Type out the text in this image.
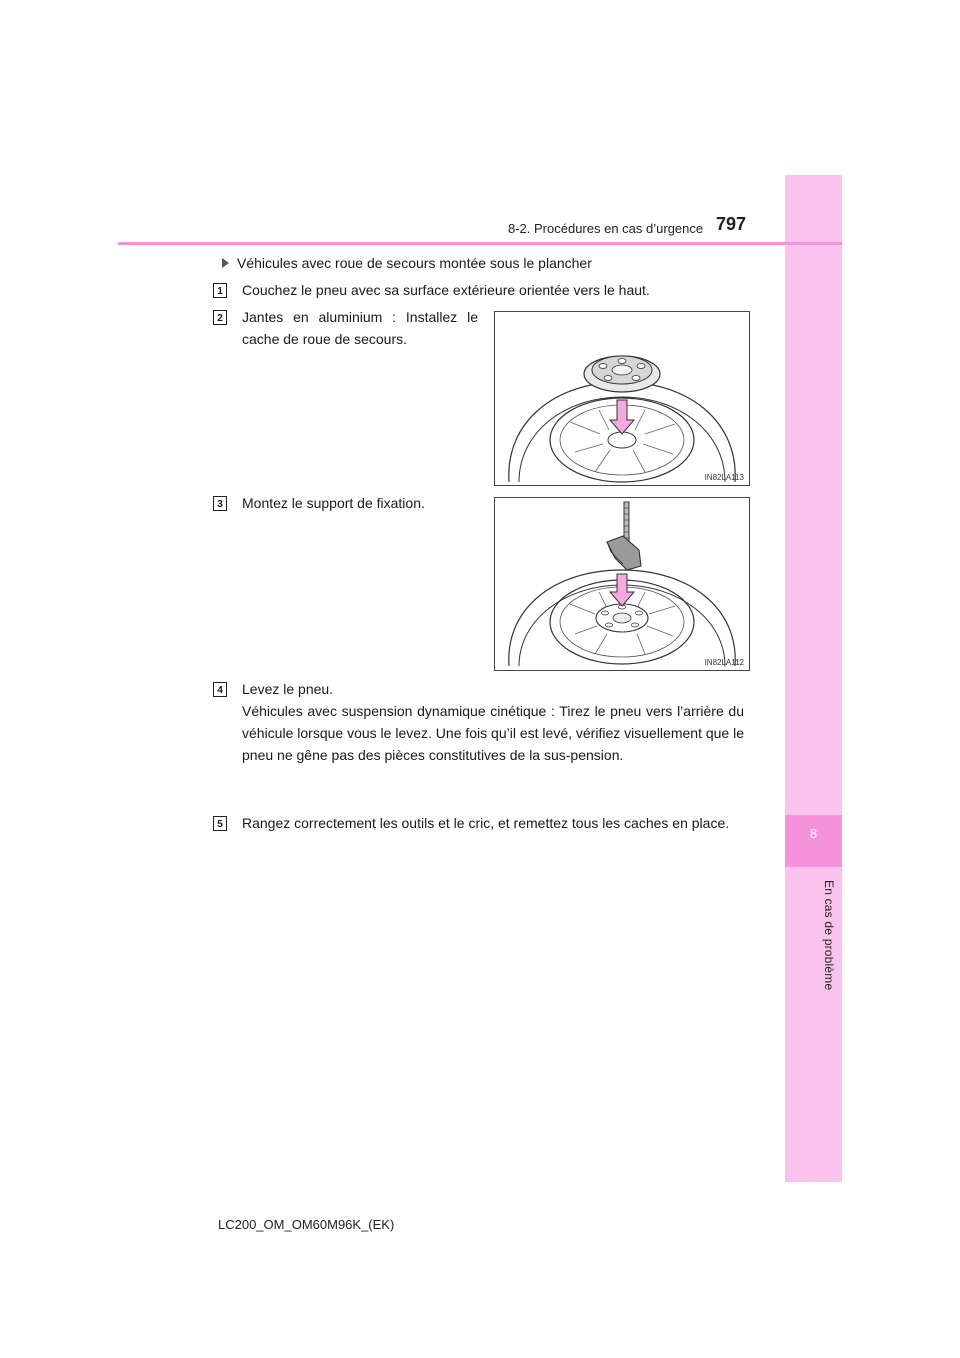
8
En cas de problème
8-2. Procédures en cas d’urgence 797
Véhicules avec roue de secours montée sous le plancher
1	Couchez le pneu avec sa surface extérieure orientée vers le haut.
2	Jantes en aluminium : Installez le cache de roue de secours.
IN82LA113
3	Montez le support de fixation.
IN82LA112
4	Levez le pneu.
Véhicules avec suspension dynamique cinétique : Tirez le pneu vers l’arrière du véhicule lorsque vous le levez. Une fois qu’il est levé, vérifiez visuellement que le pneu ne gêne pas des pièces constitutives de la sus-pension.
5	Rangez correctement les outils et le cric, et remettez tous les caches en place.
LC200_OM_OM60M96K_(EK)
